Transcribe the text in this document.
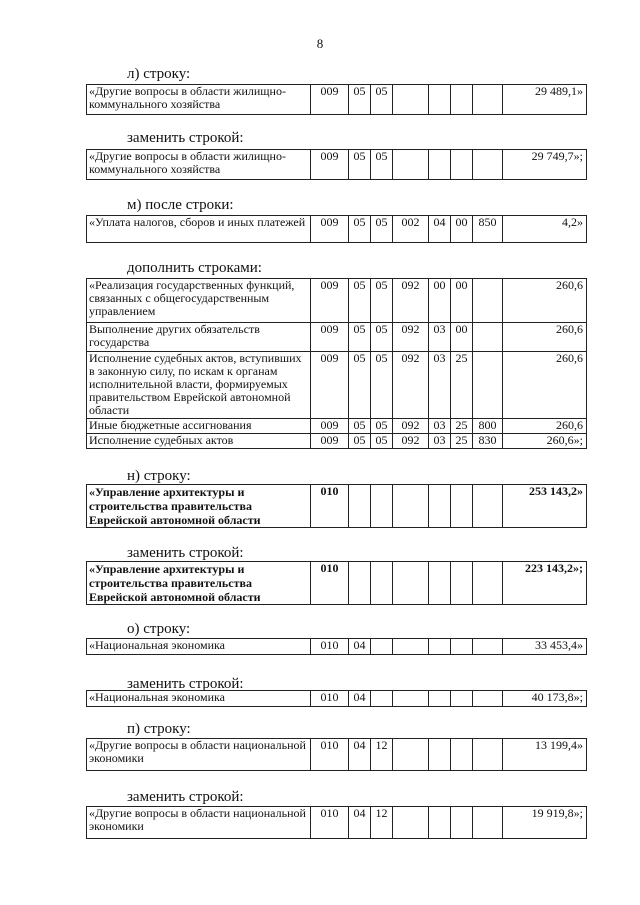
8
л) строку:
«Другие вопросы в области жилищно-коммунального хозяйства	009	05	05					29 489,1»
заменить строкой:
«Другие вопросы в области жилищно-коммунального хозяйства	009	05	05					29 749,7»;
м) после строки:
«Уплата налогов, сборов и иных платежей	009	05	05	002	04	00	850	4,2»
дополнить строками:
«Реализация государственных функций, связанных с общегосударственным управлением	009	05	05	092	00	00		260,6
Выполнение других обязательств государства	009	05	05	092	03	00		260,6
Исполнение судебных актов, вступивших в законную силу, по искам к органам исполнительной власти, формируемых правительством Еврейской автономной области	009	05	05	092	03	25		260,6
Иные бюджетные ассигнования	009	05	05	092	03	25	800	260,6
Исполнение судебных актов	009	05	05	092	03	25	830	260,6»;
н) строку:
«Управление архитектуры и строительства правительства Еврейской автономной области	010							253 143,2»
заменить строкой:
«Управление архитектуры и строительства правительства Еврейской автономной области	010							223 143,2»;
о) строку:
«Национальная экономика	010	04						33 453,4»
заменить строкой:
«Национальная экономика	010	04						40 173,8»;
п) строку:
«Другие вопросы в области национальной экономики	010	04	12					13 199,4»
заменить строкой:
«Другие вопросы в области национальной экономики	010	04	12					19 919,8»;
